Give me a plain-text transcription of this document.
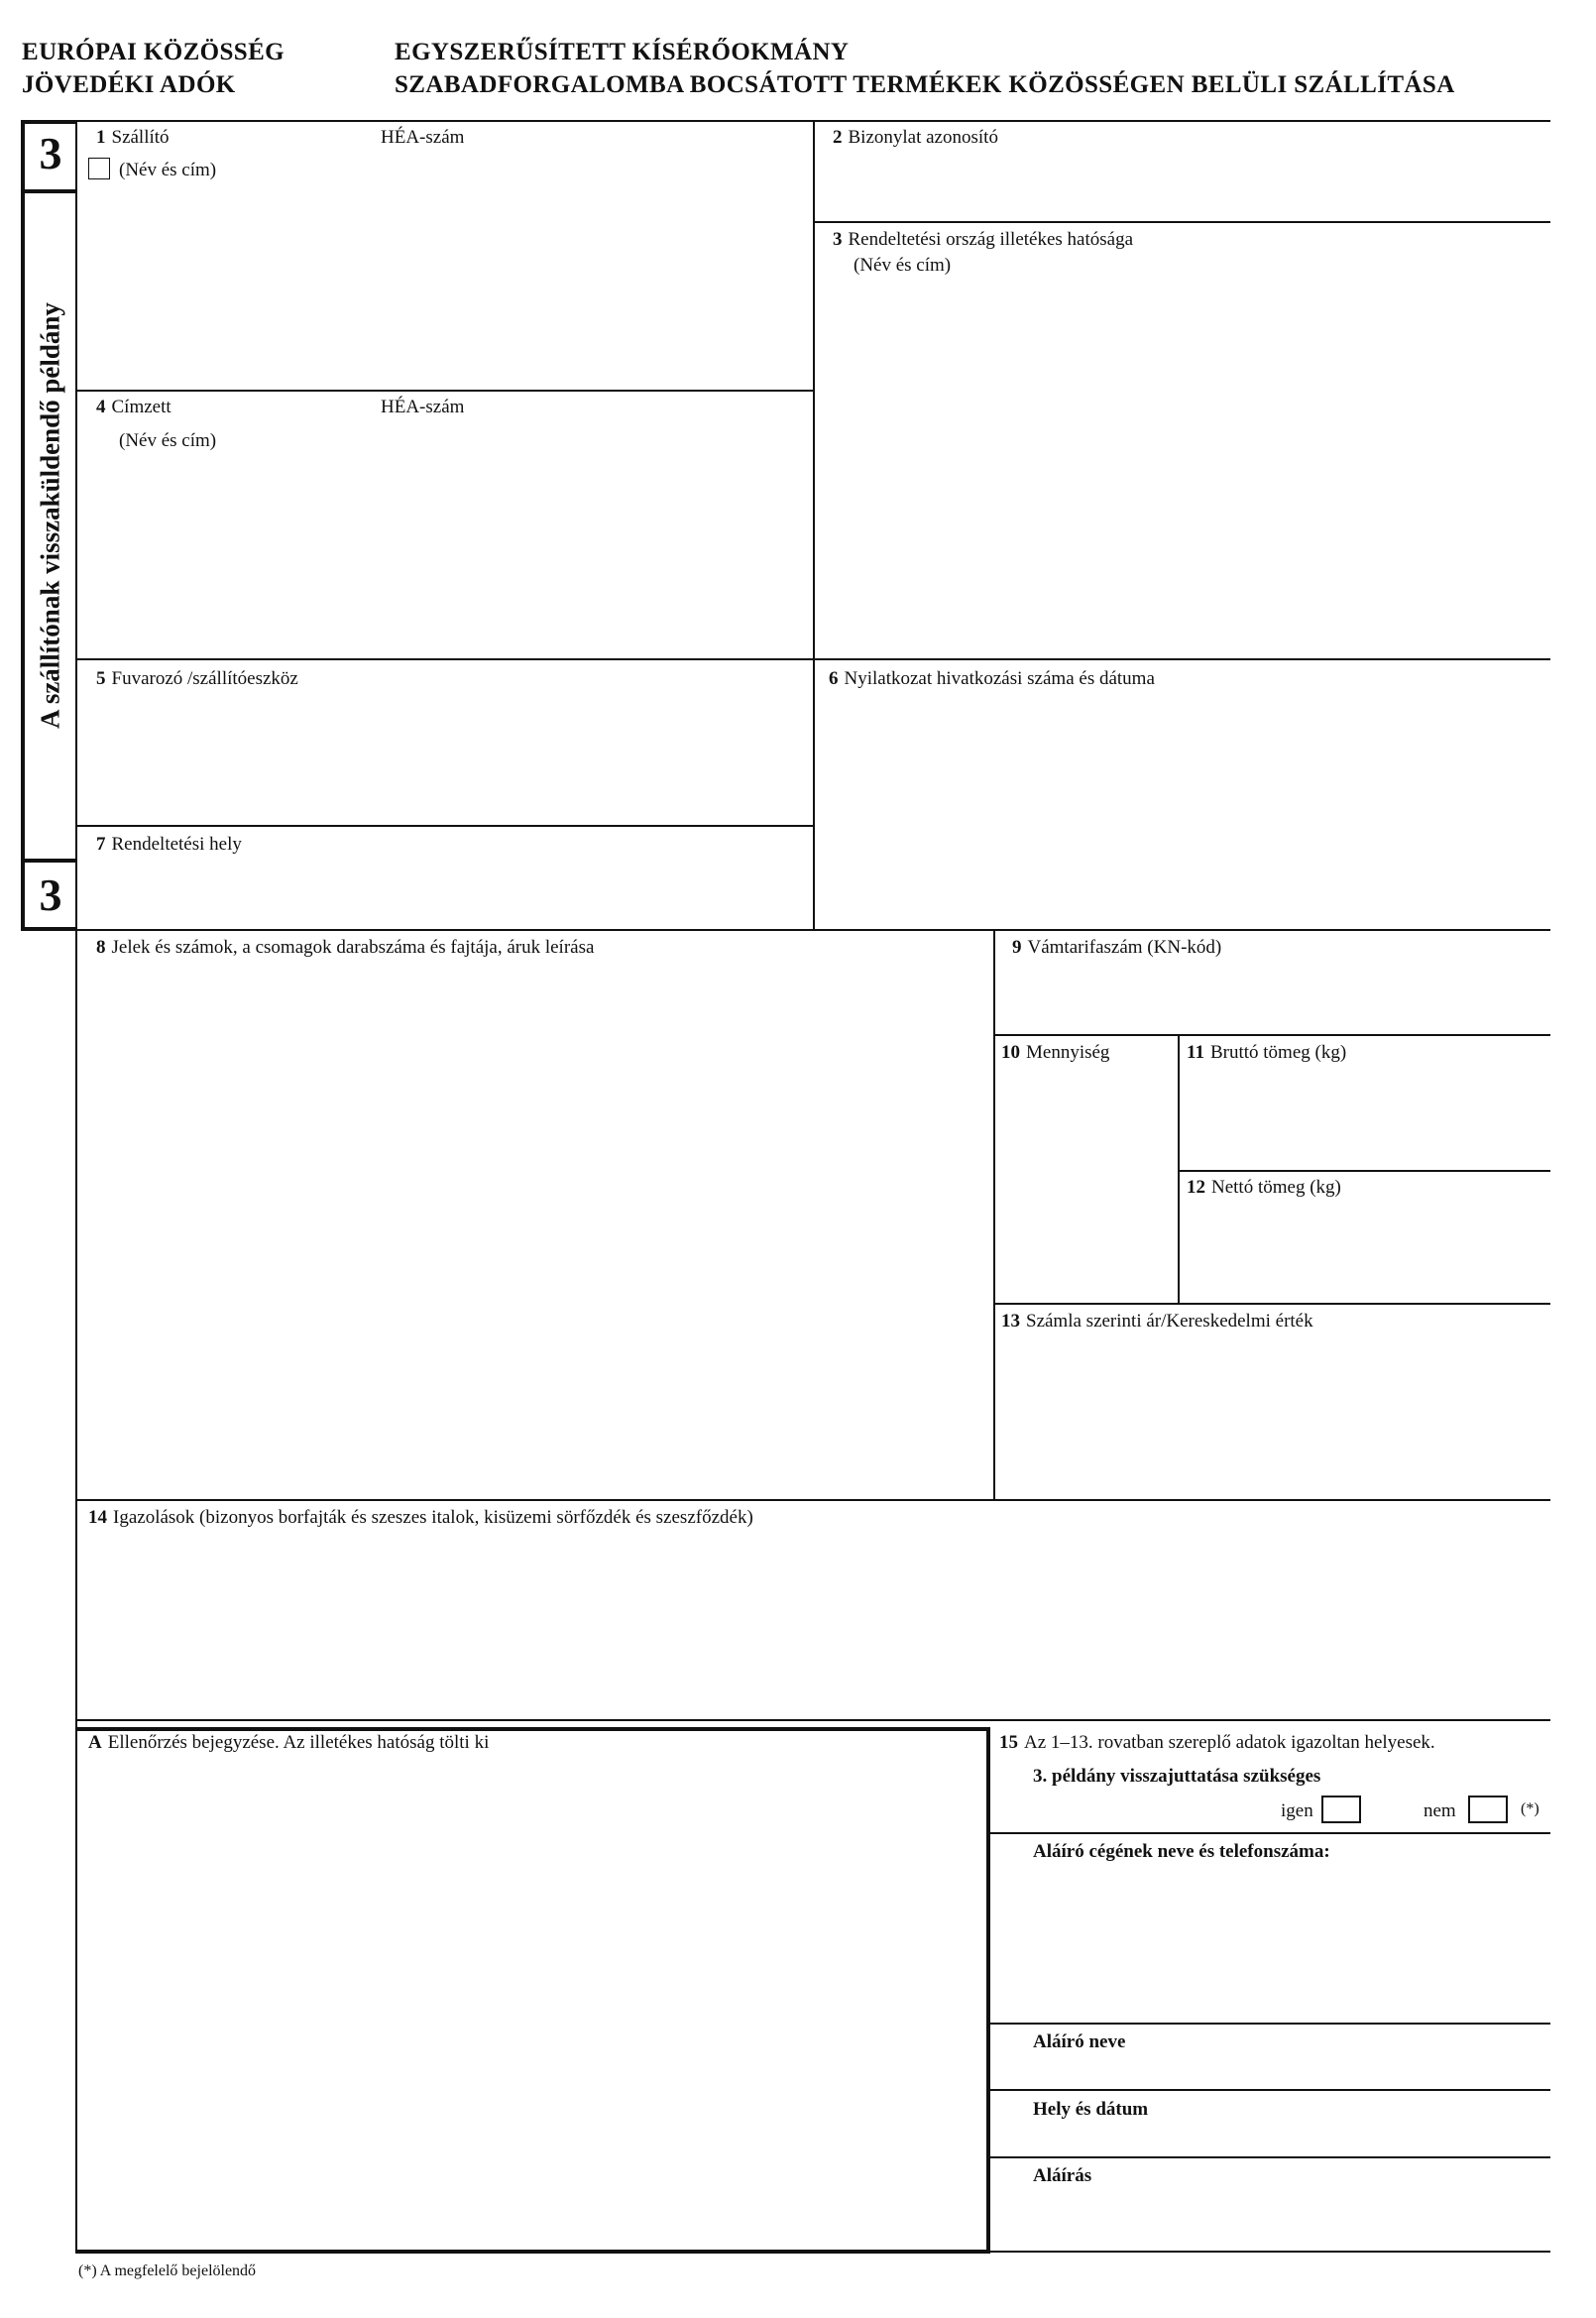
EURÓPAI KÖZÖSSÉG
JÖVEDÉKI ADÓK
EGYSZERŰSÍTETT KÍSÉRŐOKMÁNY
SZABADFORGALOMBA BOCSÁTOTT TERMÉKEK KÖZÖSSÉGEN BELÜLI SZÁLLÍTÁSA
3
3
A szállítónak visszaküldendő példány
1 Szállító
(Név és cím)
HÉA-szám	2 Bizonylat azonosító
3 Rendeltetési ország illetékes hatósága
(Név és cím)
4 Címzett
(Név és cím)
HÉA-szám
5 Fuvarozó /szállítóeszköz	6 Nyilatkozat hivatkozási száma és dátuma
7 Rendeltetési hely
8 Jelek és számok, a csomagok darabszáma és fajtája, áruk leírása	9 Vámtarifaszám (KN-kód)
10 Mennyiség	11 Bruttó tömeg (kg)
12 Nettó tömeg (kg)
13 Számla szerinti ár/Kereskedelmi érték
14 Igazolások (bizonyos borfajták és szeszes italok, kisüzemi sörfőzdék és szeszfőzdék)
A Ellenőrzés bejegyzése. Az illetékes hatóság tölti ki	15 Az 1–13. rovatban szereplő adatok igazoltan helyesek.
3. példány visszajuttatása szükséges
igen	nem	(*)
Aláíró cégének neve és telefonszáma:
Aláíró neve
Hely és dátum
Aláírás
(*) A megfelelő bejelölendő
